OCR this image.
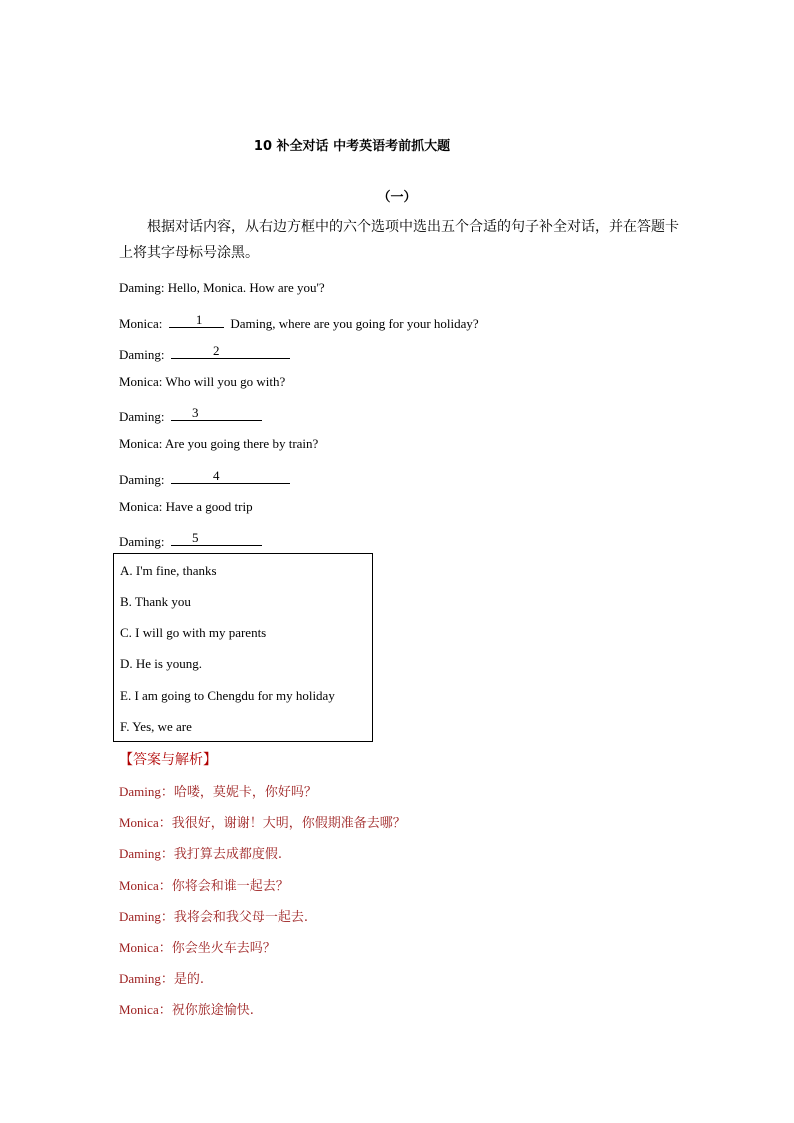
10 补全对话 中考英语考前抓大题
（一）
根据对话内容，从右边方框中的六个选项中选出五个合适的句子补全对话，并在答题卡上将其字母标号涂黑。
Daming: Hello, Monica. How are you'?
Monica:	1 Daming, where are you going for your holiday?
Daming:	2
Monica: Who will you go with?
Daming: 3
Monica: Are you going there by train?
Daming:	4
Monica: Have a good trip
Daming: 5
A. I'm fine, thanks
B. Thank you
C. I will go with my parents
D. He is young.
E. I am going to Chengdu for my holiday
F. Yes, we are
【答案与解析】
Daming：哈喽，莫妮卡，你好吗？
Monica：我很好，谢谢！大明，你假期准备去哪？
Daming：我打算去成都度假.
Monica：你将会和谁一起去？
Daming：我将会和我父母一起去.
Monica：你会坐火车去吗？
Daming：是的.
Monica：祝你旅途愉快.
